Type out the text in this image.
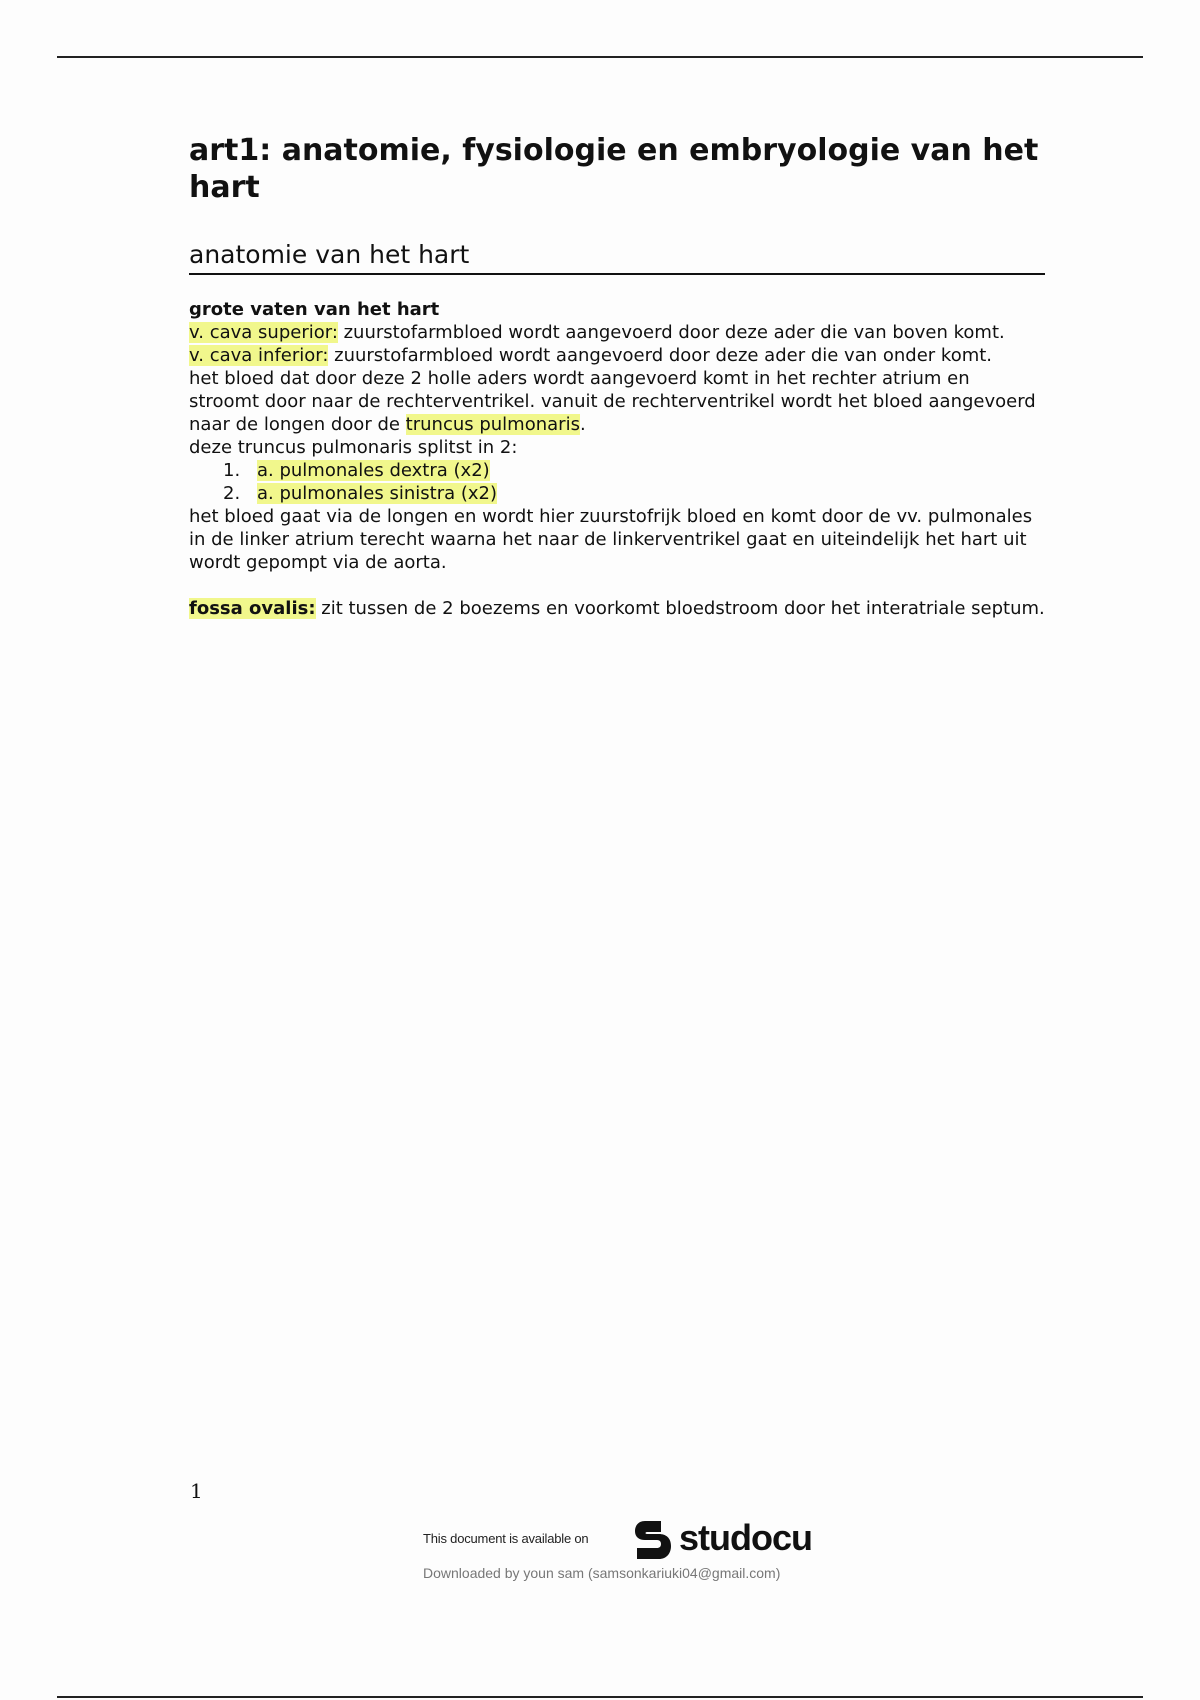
art1: anatomie, fysiologie en embryologie van het hart
anatomie van het hart
grote vaten van het hart
v. cava superior: zuurstofarmbloed wordt aangevoerd door deze ader die van boven komt.
v. cava inferior: zuurstofarmbloed wordt aangevoerd door deze ader die van onder komt.
het bloed dat door deze 2 holle aders wordt aangevoerd komt in het rechter atrium en stroomt door naar de rechterventrikel. vanuit de rechterventrikel wordt het bloed aangevoerd naar de longen door de truncus pulmonaris.
deze truncus pulmonaris splitst in 2:
1. a. pulmonales dextra (x2)
2. a. pulmonales sinistra (x2)
het bloed gaat via de longen en wordt hier zuurstofrijk bloed en komt door de vv. pulmonales in de linker atrium terecht waarna het naar de linkerventrikel gaat en uiteindelijk het hart uit wordt gepompt via de aorta.
fossa ovalis: zit tussen de 2 boezems en voorkomt bloedstroom door het interatriale septum.
1
This document is available on	studocu
Downloaded by youn sam (samsonkariuki04@gmail.com)
